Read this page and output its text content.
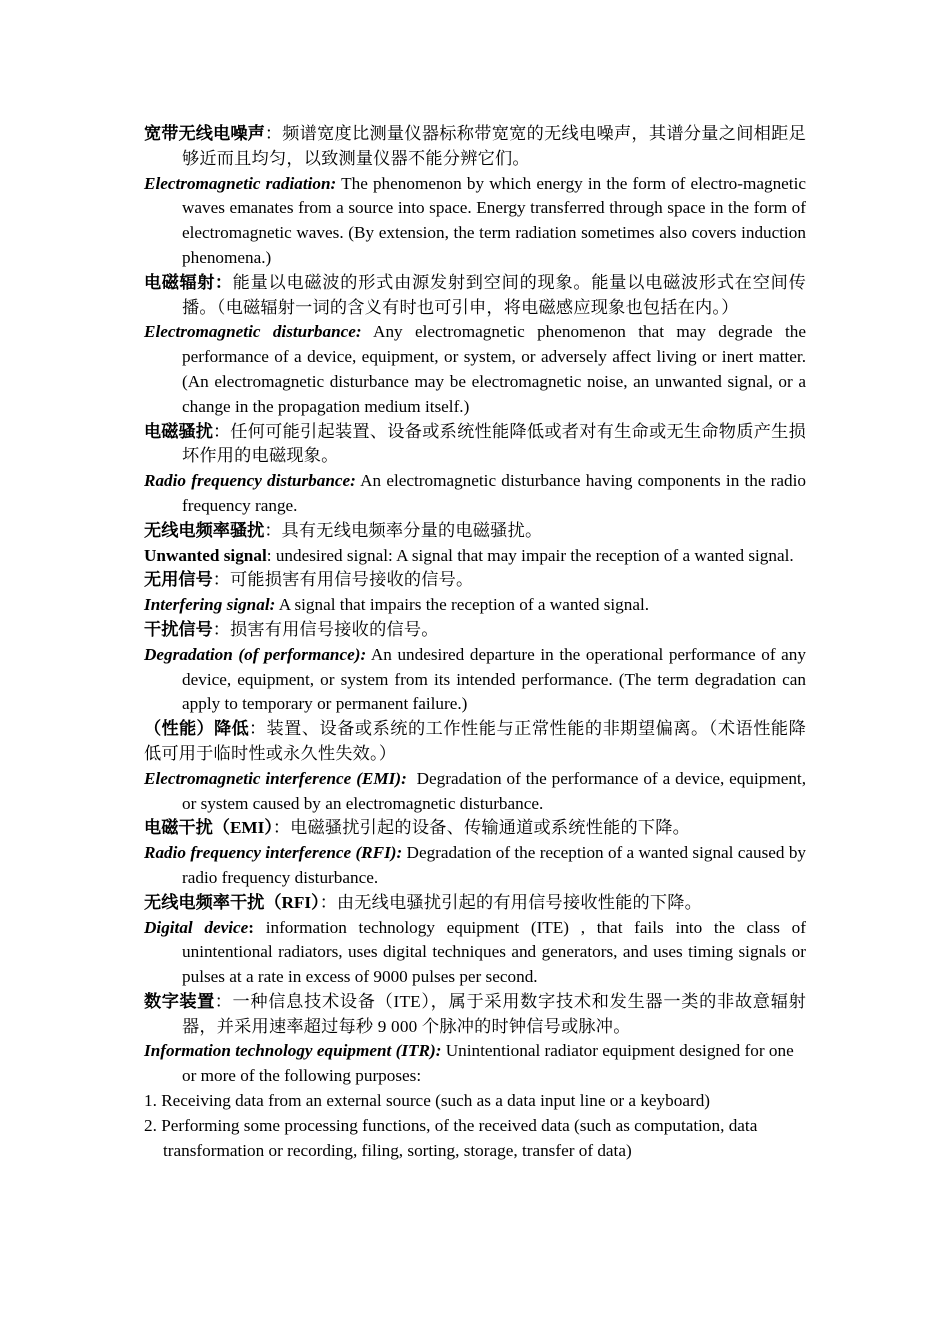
宽带无线电噪声：频谱宽度比测量仪器标称带宽宽的无线电噪声，其谱分量之间相距足够近而且均匀，以致测量仪器不能分辨它们。

Electromagnetic radiation: The phenomenon by which energy in the form of electro-magnetic waves emanates from a source into space. Energy transferred through space in the form of electromagnetic waves. (By extension, the term radiation sometimes also covers induction phenomena.)

电磁辐射：能量以电磁波的形式由源发射到空间的现象。能量以电磁波形式在空间传播。（电磁辐射一词的含义有时也可引申，将电磁感应现象也包括在内。）

Electromagnetic disturbance: Any electromagnetic phenomenon that may degrade the performance of a device, equipment, or system, or adversely affect living or inert matter. (An electromagnetic disturbance may be electromagnetic noise, an unwanted signal, or a change in the propagation medium itself.)

电磁骚扰：任何可能引起装置、设备或系统性能降低或者对有生命或无生命物质产生损坏作用的电磁现象。

Radio frequency disturbance: An electromagnetic disturbance having components in the radio frequency range.

无线电频率骚扰：具有无线电频率分量的电磁骚扰。

Unwanted signal: undesired signal: A signal that may impair the reception of a wanted signal.

无用信号：可能损害有用信号接收的信号。

Interfering signal: A signal that impairs the reception of a wanted signal.

干扰信号：损害有用信号接收的信号。

Degradation (of performance): An undesired departure in the operational performance of any device, equipment, or system from its intended performance. (The term degradation can apply to temporary or permanent failure.)

（性能）降低：装置、设备或系统的工作性能与正常性能的非期望偏离。（术语性能降低可用于临时性或永久性失效。）

Electromagnetic interference (EMI): Degradation of the performance of a device, equipment, or system caused by an electromagnetic disturbance.

电磁干扰（EMI）：电磁骚扰引起的设备、传输通道或系统性能的下降。

Radio frequency interference (RFI): Degradation of the reception of a wanted signal caused by radio frequency disturbance.

无线电频率干扰（RFI）：由无线电骚扰引起的有用信号接收性能的下降。

Digital device: information technology equipment (ITE) , that fails into the class of unintentional radiators, uses digital techniques and generators, and uses timing signals or pulses at a rate in excess of 9000 pulses per second.

数字装置：一种信息技术设备（ITE），属于采用数字技术和发生器一类的非故意辐射器，并采用速率超过每秒 9 000 个脉冲的时钟信号或脉冲。

Information technology equipment (ITR): Unintentional radiator equipment designed for one or more of the following purposes:

1. Receiving data from an external source (such as a data input line or a keyboard)

2. Performing some processing functions, of the received data (such as computation, data transformation or recording, filing, sorting, storage, transfer of data)
